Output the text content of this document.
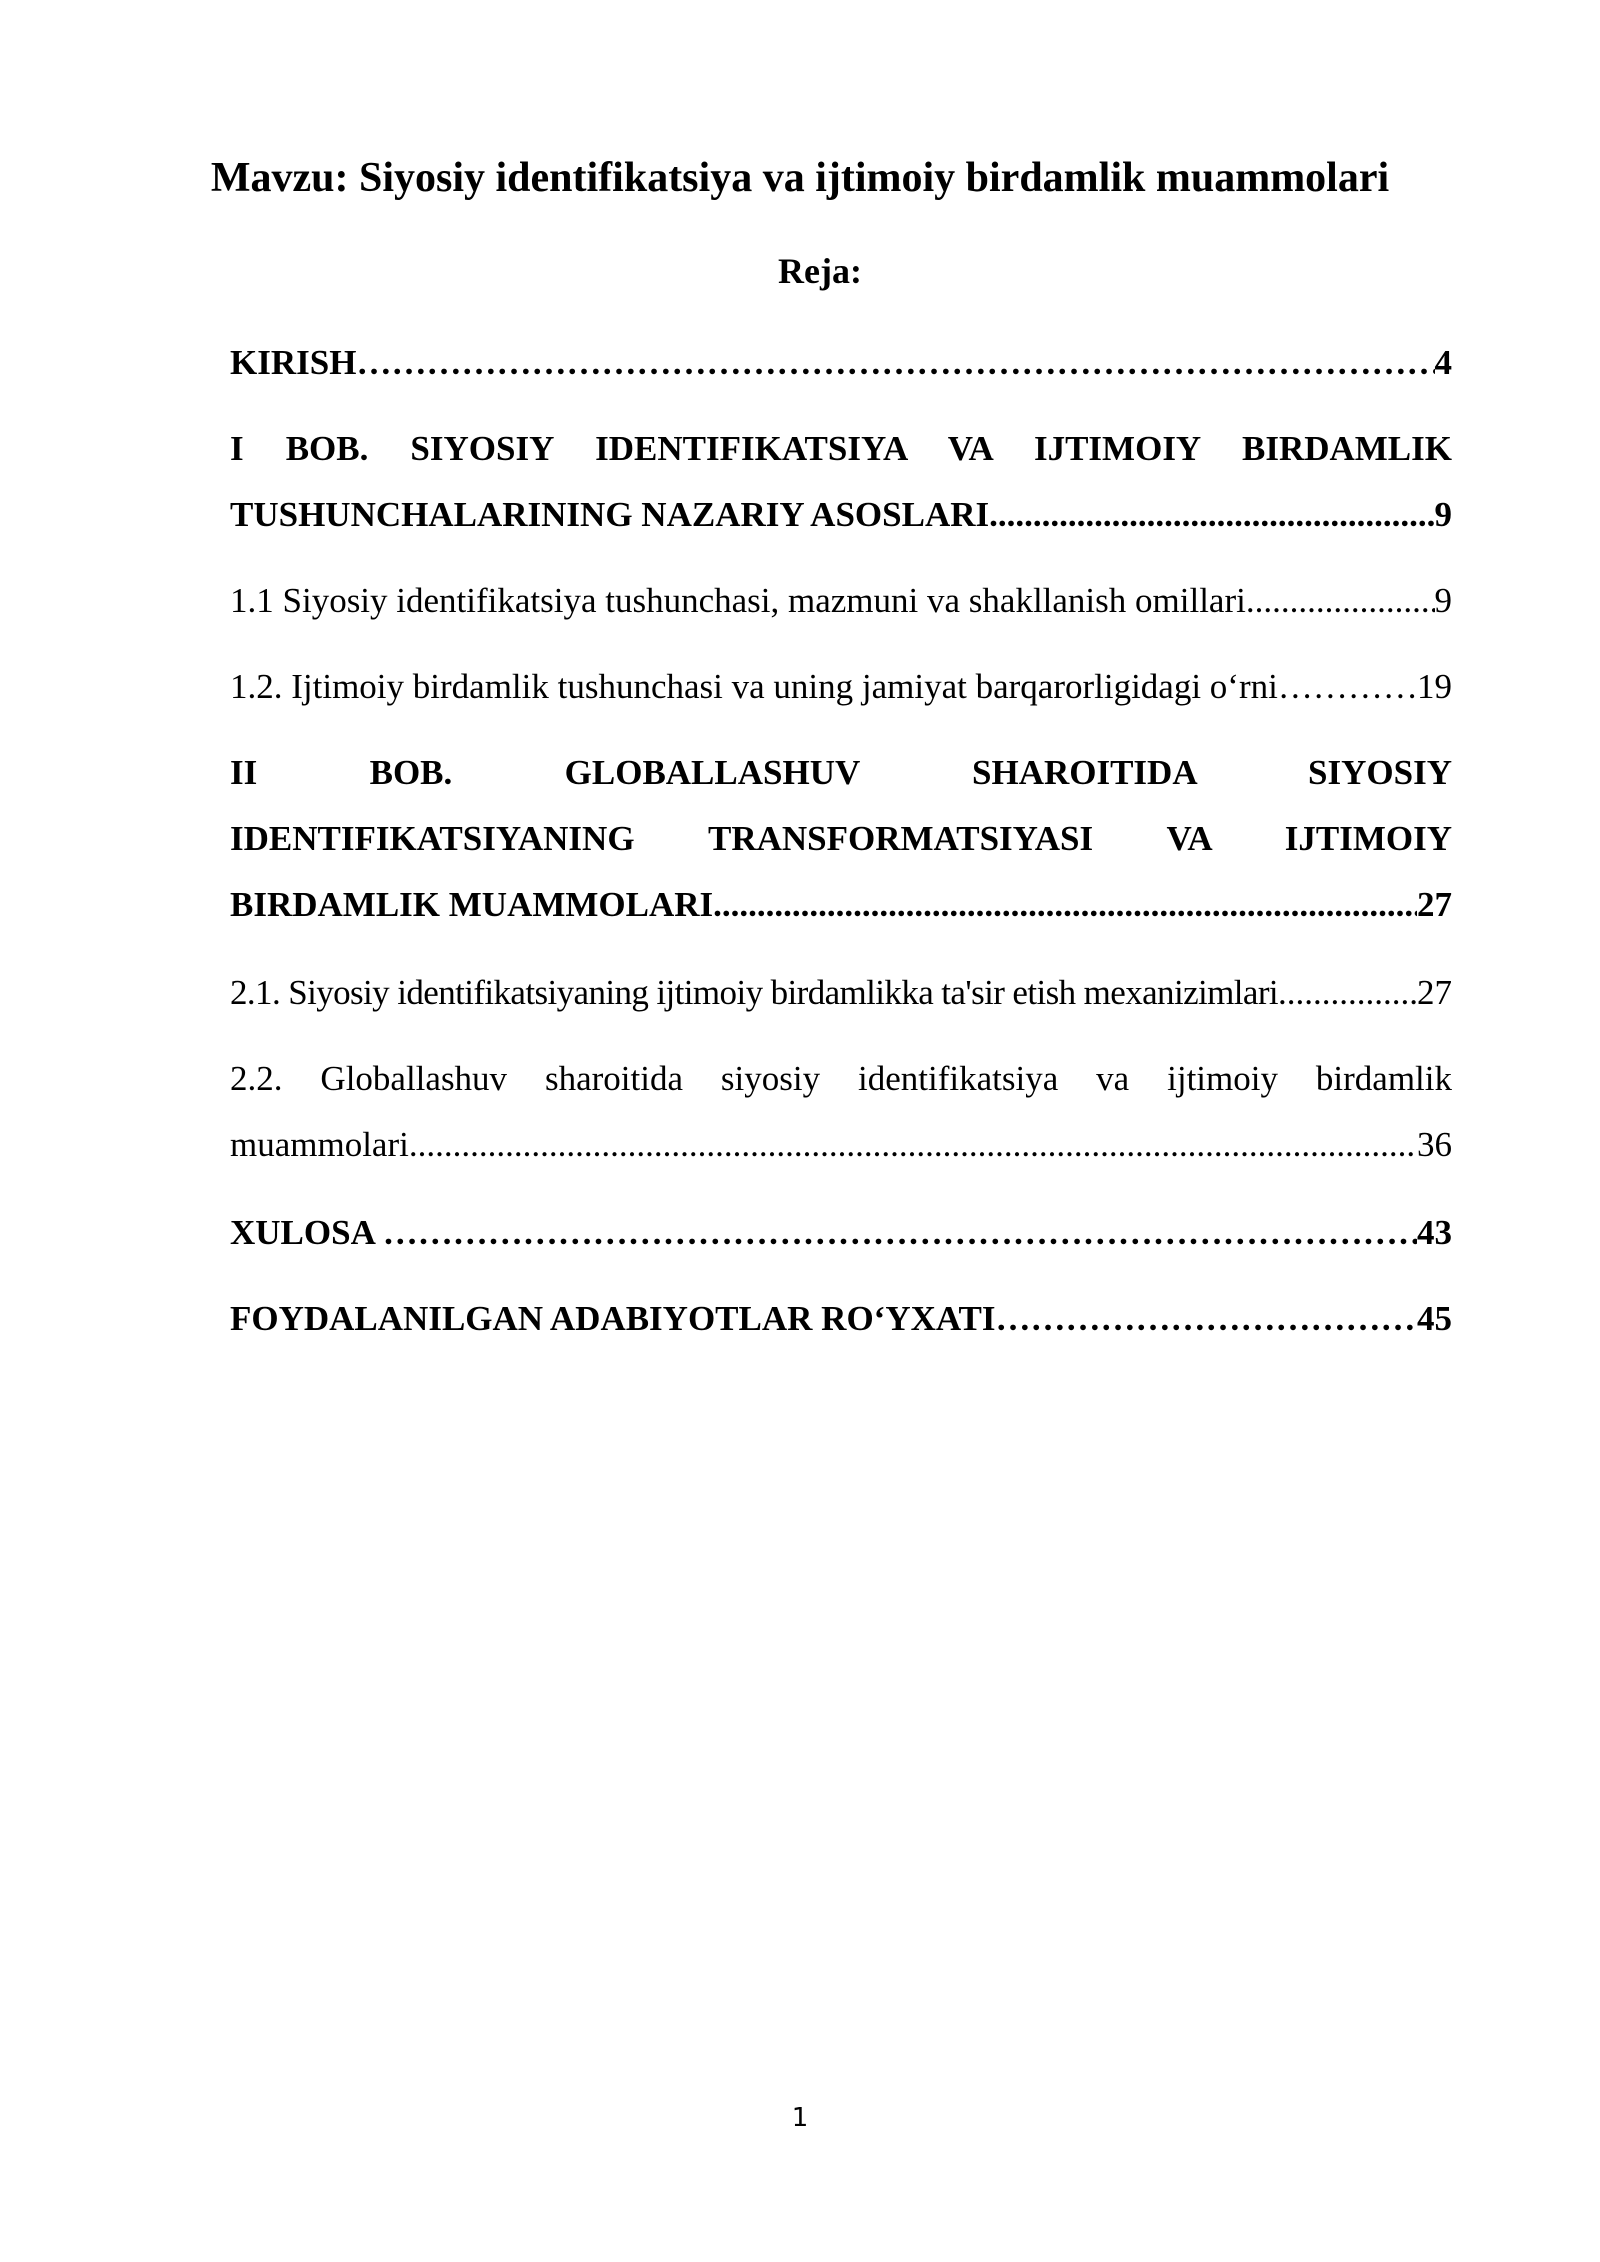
Mavzu: Siyosiy identifikatsiya va ijtimoiy birdamlik muammolari
Reja:
KIRISH ……………………………………………………………………………………………………………………………………………………………………………………………………………………………………………………………………	4
I BOB. SIYOSIY IDENTIFIKATSIYA VA IJTIMOIY BIRDAMLIK
TUSHUNCHALARINING NAZARIY ASOSLARI .....	9
1.1 Siyosiy identifikatsiya tushunchasi, mazmuni va shakllanish omillari .....	9
1.2. Ijtimoiy birdamlik tushunchasi va uning jamiyat barqarorligidagi o‘rni ……………………………………………………………………………………………………………………………………………………………………………………………………………………………………………………………………	19
II BOB. GLOBALLASHUV SHAROITIDA SIYOSIY
IDENTIFIKATSIYANING TRANSFORMATSIYASI VA IJTIMOIY
BIRDAMLIK MUAMMOLARI .....	27
2.1. Siyosiy identifikatsiyaning ijtimoiy birdamlikka ta'sir etish mexanizimlari .....	27
2.2. Globallashuv sharoitida siyosiy identifikatsiya va ijtimoiy birdamlik
muammolari .....	36
XULOSA ……………………………………………………………………………………………………………………………………………………………………………………………………………………………………………………………………	43
FOYDALANILGAN ADABIYOTLAR RO‘YXATI ……………………………………………………………………………………………………………………………………………………………………………………………………………………………………………………………………	45

1
